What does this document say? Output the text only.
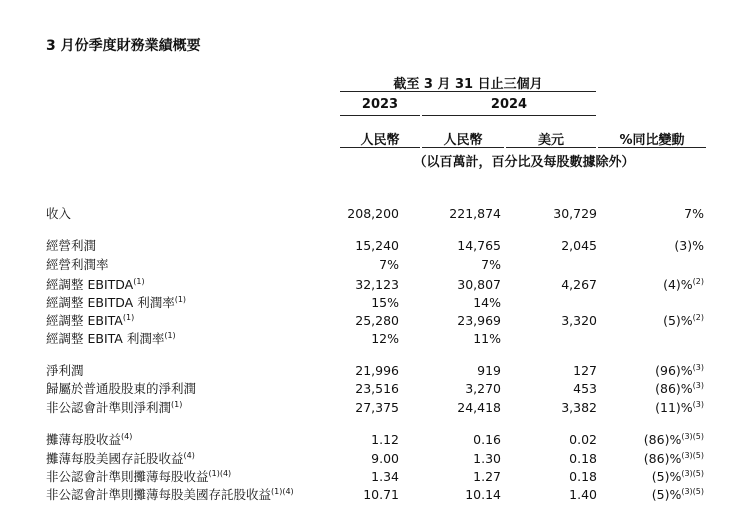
3 月份季度財務業績概要
截至 3 月 31 日止三個月
2023	2024
人民幣	人民幣	美元	%同比變動
（以百萬計，百分比及每股數據除外）
收入	208,200	221,874	30,729	7%
經營利潤	15,240	14,765	2,045	(3)%
經營利潤率	7%	7%
經調整 EBITDA$^{(1)}$	32,123	30,807	4,267	(4)%$^{(2)}$
經調整 EBITDA 利潤率$^{(1)}$	15%	14%
經調整 EBITA$^{(1)}$	25,280	23,969	3,320	(5)%$^{(2)}$
經調整 EBITA 利潤率$^{(1)}$	12%	11%
淨利潤	21,996	919	127	(96)%$^{(3)}$
歸屬於普通股股東的淨利潤	23,516	3,270	453	(86)%$^{(3)}$
非公認會計準則淨利潤$^{(1)}$	27,375	24,418	3,382	(11)%$^{(3)}$
攤薄每股收益$^{(4)}$	1.12	0.16	0.02	(86)%$^{(3)(5)}$
攤薄每股美國存託股收益$^{(4)}$	9.00	1.30	0.18	(86)%$^{(3)(5)}$
非公認會計準則攤薄每股收益$^{(1)(4)}$	1.34	1.27	0.18	(5)%$^{(3)(5)}$
非公認會計準則攤薄每股美國存託股收益$^{(1)(4)}$	10.71	10.14	1.40	(5)%$^{(3)(5)}$
